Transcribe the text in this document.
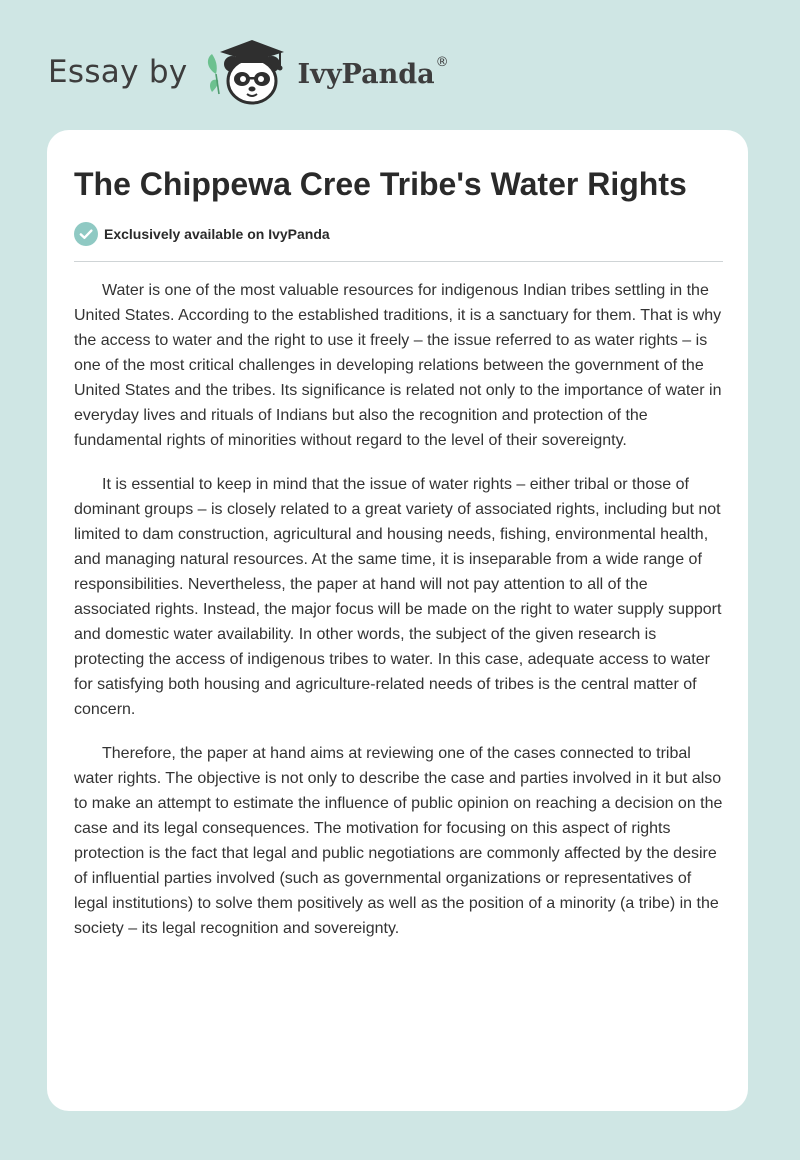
Essay by	IvyPanda ®
The Chippewa Cree Tribe's Water Rights
Exclusively available on IvyPanda

Water is one of the most valuable resources for indigenous Indian tribes settling in the United States. According to the established traditions, it is a sanctuary for them. That is why the access to water and the right to use it freely – the issue referred to as water rights – is one of the most critical challenges in developing relations between the government of the United States and the tribes. Its significance is related not only to the importance of water in everyday lives and rituals of Indians but also the recognition and protection of the fundamental rights of minorities without regard to the level of their sovereignty.

It is essential to keep in mind that the issue of water rights – either tribal or those of dominant groups – is closely related to a great variety of associated rights, including but not limited to dam construction, agricultural and housing needs, fishing, environmental health, and managing natural resources. At the same time, it is inseparable from a wide range of responsibilities. Nevertheless, the paper at hand will not pay attention to all of the associated rights. Instead, the major focus will be made on the right to water supply support and domestic water availability. In other words, the subject of the given research is protecting the access of indigenous tribes to water. In this case, adequate access to water for satisfying both housing and agriculture-related needs of tribes is the central matter of concern.

Therefore, the paper at hand aims at reviewing one of the cases connected to tribal water rights. The objective is not only to describe the case and parties involved in it but also to make an attempt to estimate the influence of public opinion on reaching a decision on the case and its legal consequences. The motivation for focusing on this aspect of rights protection is the fact that legal and public negotiations are commonly affected by the desire of influential parties involved (such as governmental organizations or representatives of legal institutions) to solve them positively as well as the position of a minority (a tribe) in the society – its legal recognition and sovereignty.
